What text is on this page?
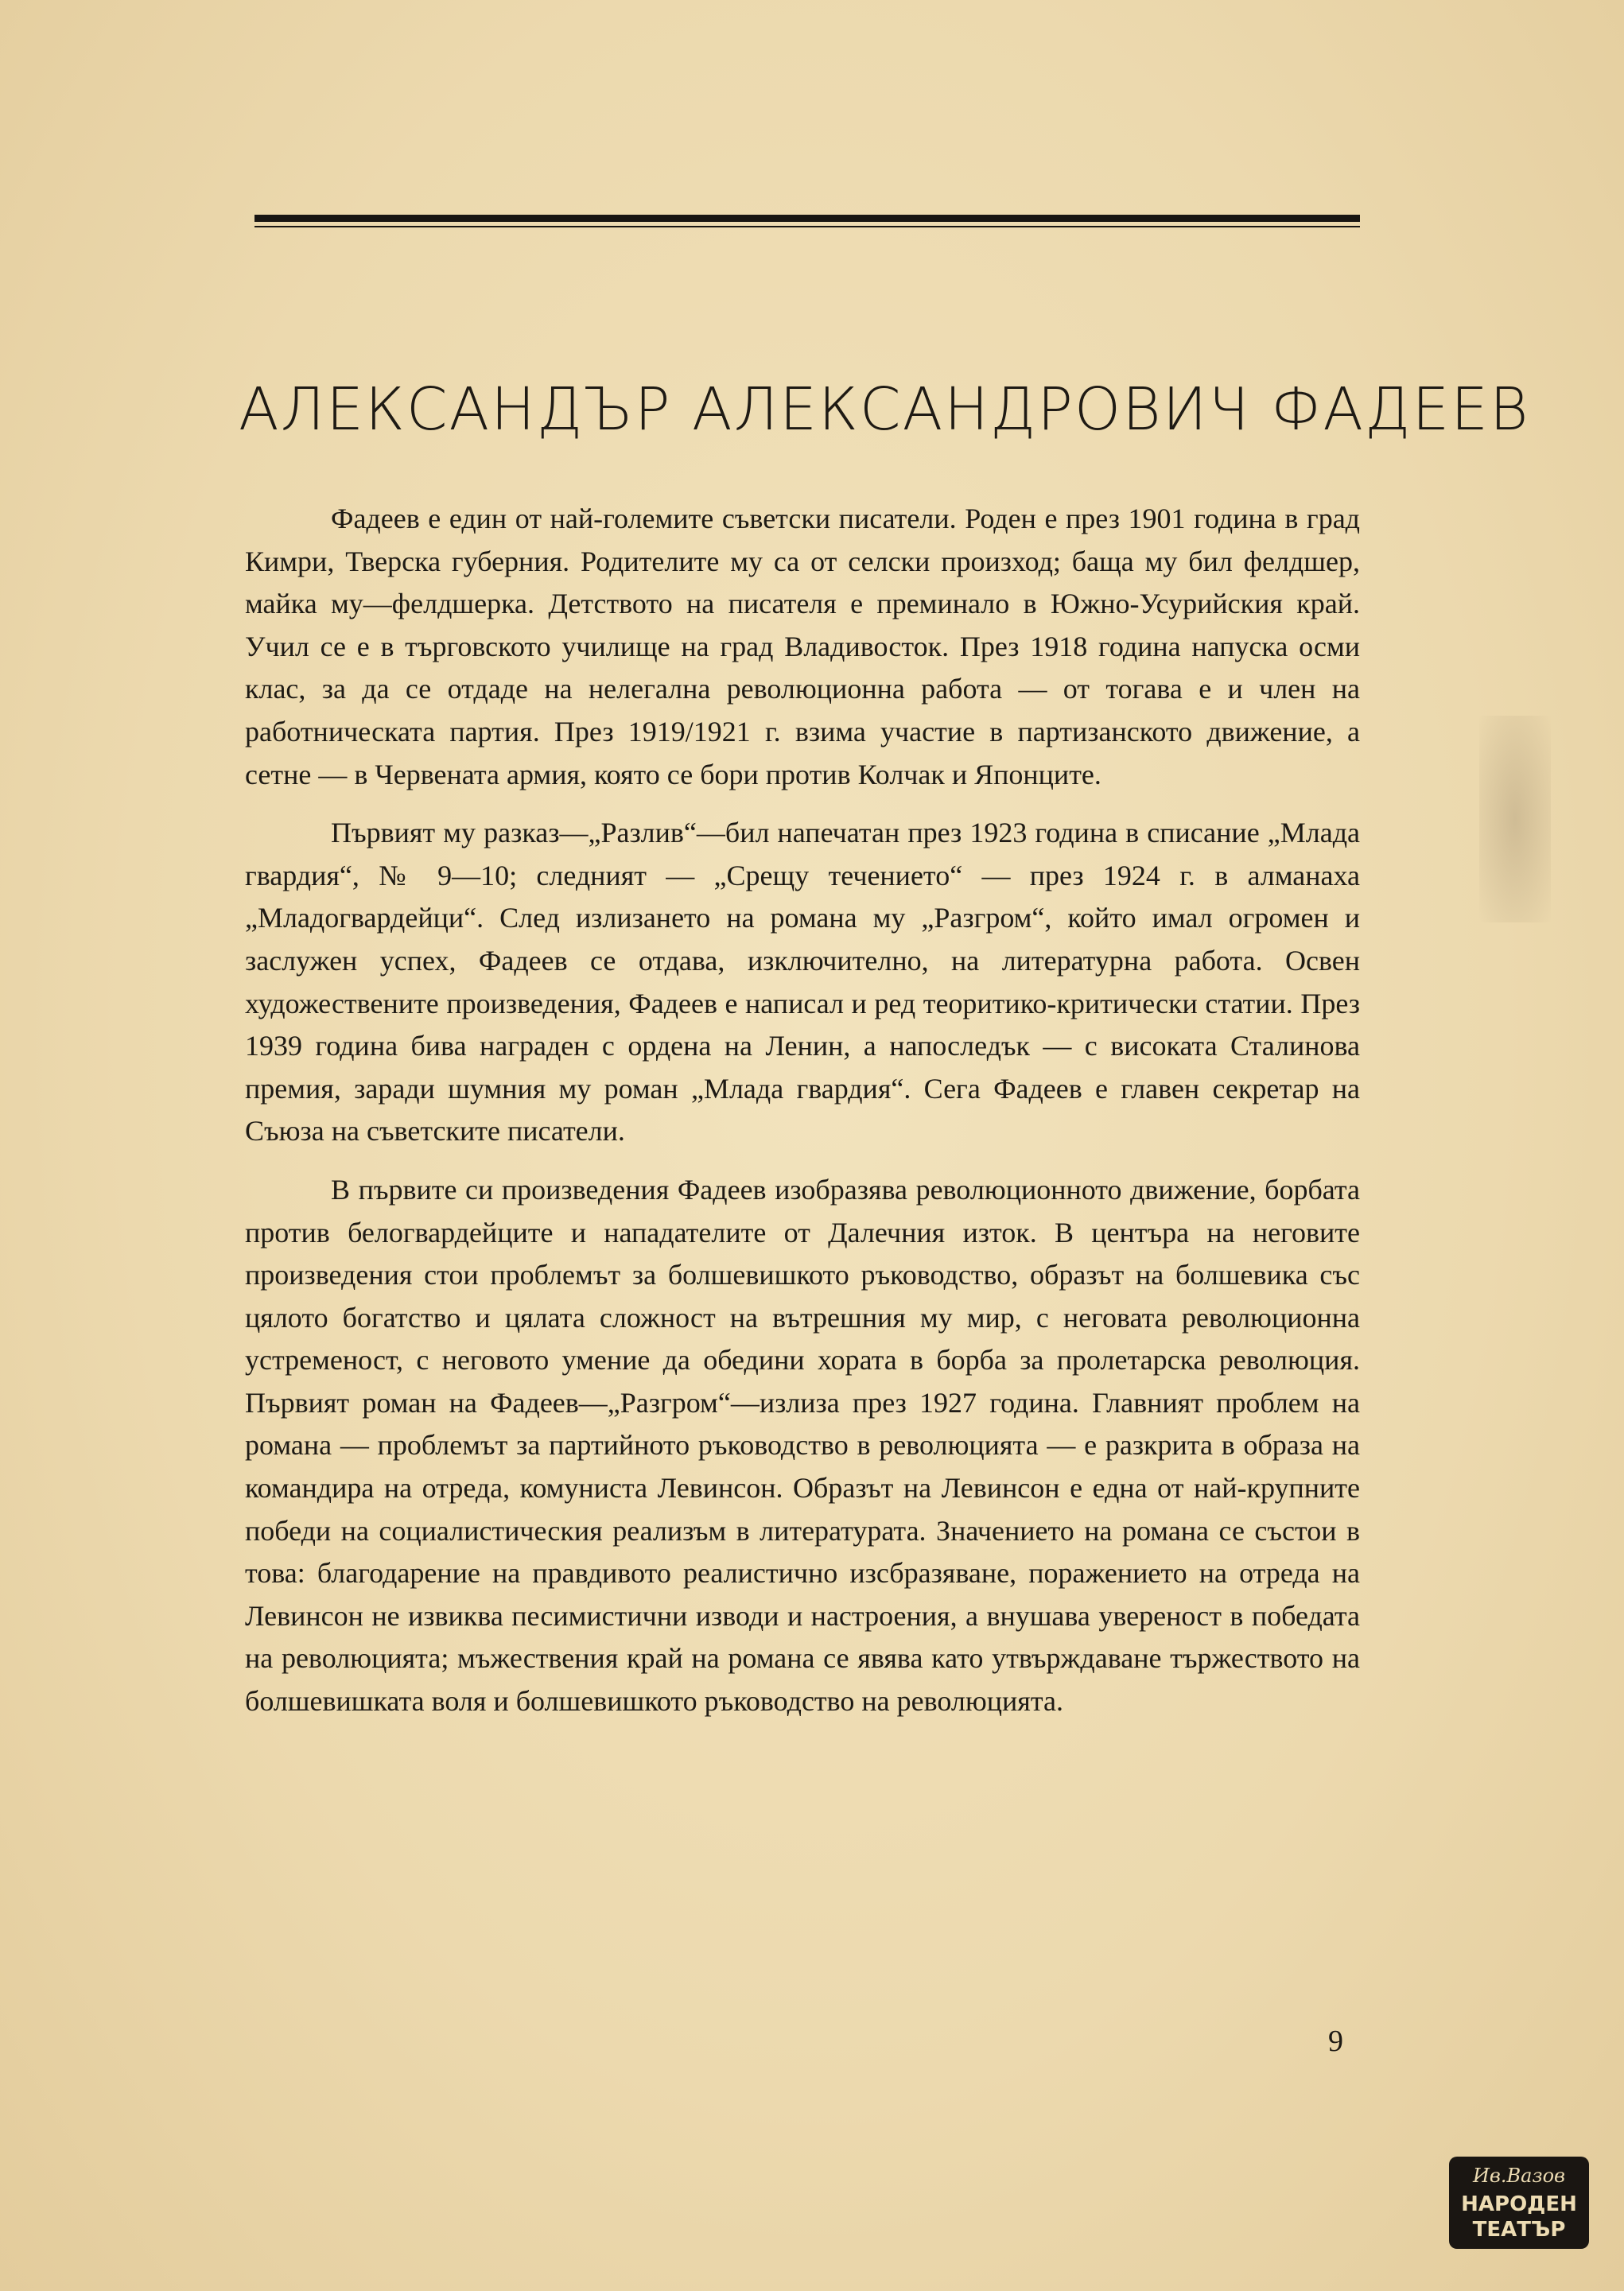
АЛЕКСАНДЪР АЛЕКСАНДРОВИЧ ФАДЕЕВ

Фадеев е един от най-големите съветски писатели. Роден е през 1901 година в град Кимри, Тверска губерния. Родителите му са от селски произход; баща му бил фелдшер, майка му—фелдшерка. Детството на писателя е преминало в Южно-Усурийския край. Учил се е в търговското училище на град Владивосток. През 1918 година напуска осми клас, за да се отдаде на нелегална революционна работа — от тогава е и член на работническата партия. През 1919/1921 г. взима участие в партизанското движение, а сетне — в Червената армия, която се бори против Колчак и Японците.

Първият му разказ—„Разлив“—бил напечатан през 1923 година в списание „Млада гвардия“, № 9—10; следният — „Срещу течението“ — през 1924 г. в алманаха „Младогвардейци“. След излизането на романа му „Разгром“, който имал огромен и заслужен успех, Фадеев се отдава, изключително, на литературна работа. Освен художествените произведения, Фадеев е написал и ред теоритико-критически статии. През 1939 година бива награден с ордена на Ленин, а напоследък — с високата Сталинова премия, заради шумния му роман „Млада гвардия“. Сега Фадеев е главен секретар на Съюза на съветските писатели.

В първите си произведения Фадеев изобразява революционното движение, борбата против белогвардейците и нападателите от Далечния изток. В центъра на неговите произведения стои проблемът за болшевишкото ръководство, образът на болшевика със цялото богатство и цялата сложност на вътрешния му мир, с неговата революционна устременост, с неговото умение да обедини хората в борба за пролетарска революция. Първият роман на Фадеев—„Разгром“—излиза през 1927 година. Главният проблем на романа — проблемът за партийното ръководство в революцията — е разкрита в образа на командира на отреда, комуниста Левинсон. Образът на Левинсон е една от най-крупните победи на социалистическия реализъм в литературата. Значението на романа се състои в това: благодарение на правдивото реалистично изсбразяване, поражението на отреда на Левинсон не извиква песимистични изводи и настроения, а внушава увереност в победата на революцията; мъжествения край на романа се явява като утвърждаване тържеството на болшевишката воля и болшевишкото ръководство на революцията.

9
Ив.Вазов
НАРОДЕН
ТЕАТЪР
